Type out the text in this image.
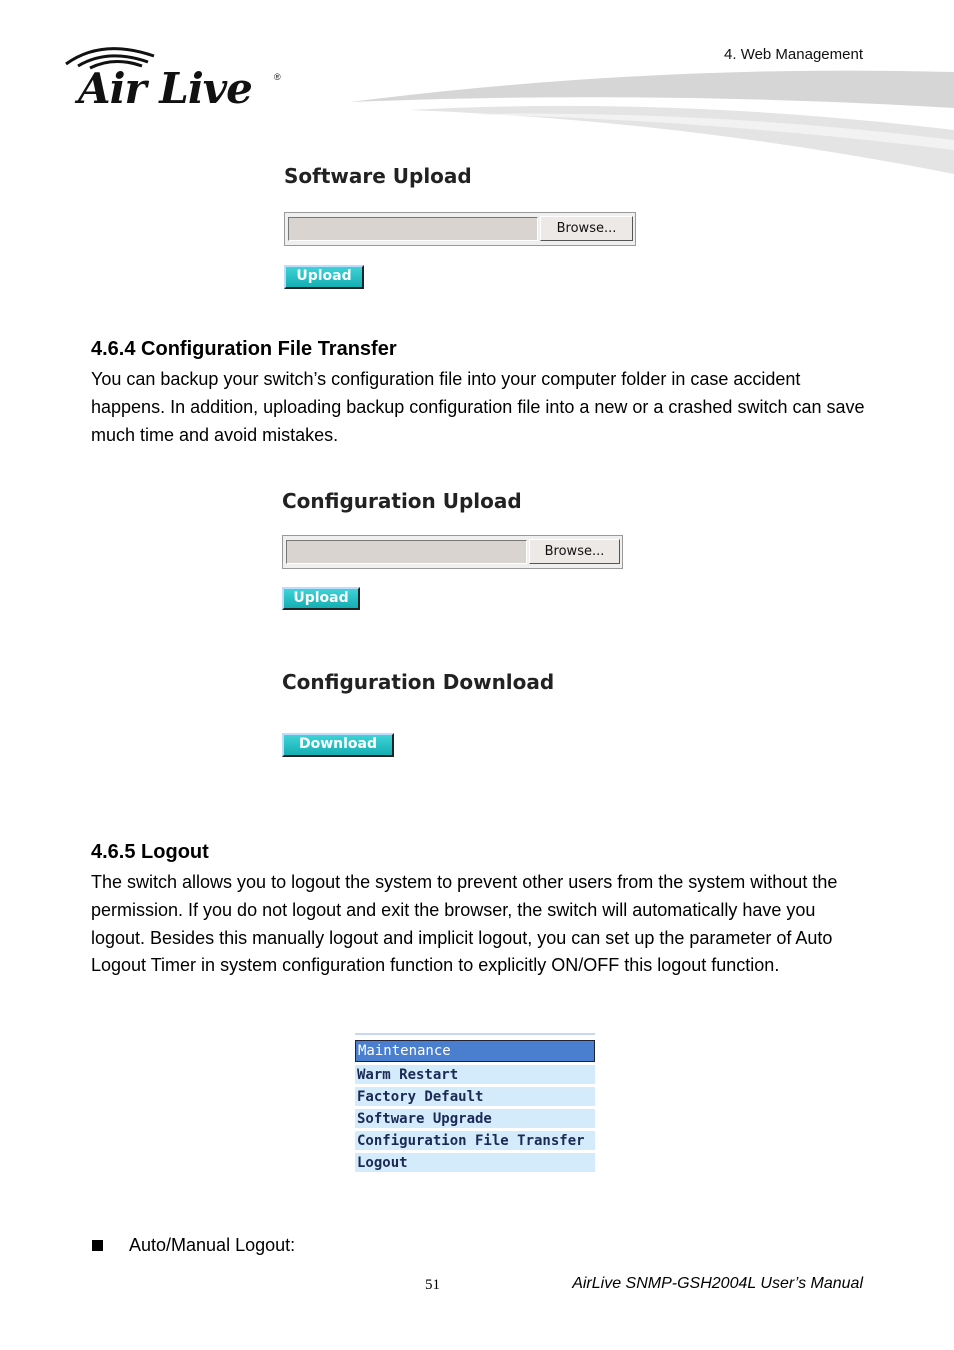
4. Web Management
Air Live ®
Software Upload
Browse...
Upload
4.6.4 Configuration File Transfer

You can backup your switch’s configuration file into your computer folder in case accident happens. In addition, uploading backup configuration file into a new or a crashed switch can save much time and avoid mistakes.

Configuration Upload
Browse...
Upload
Configuration Download
Download
4.6.5 Logout

The switch allows you to logout the system to prevent other users from the system without the permission. If you do not logout and exit the browser, the switch will automatically have you logout. Besides this manually logout and implicit logout, you can set up the parameter of Auto Logout Timer in system configuration function to explicitly ON/OFF this logout function.

Maintenance
Warm Restart
Factory Default
Software Upgrade
Configuration File Transfer
Logout
Auto/Manual Logout:
51	AirLive SNMP-GSH2004L User’s Manual
